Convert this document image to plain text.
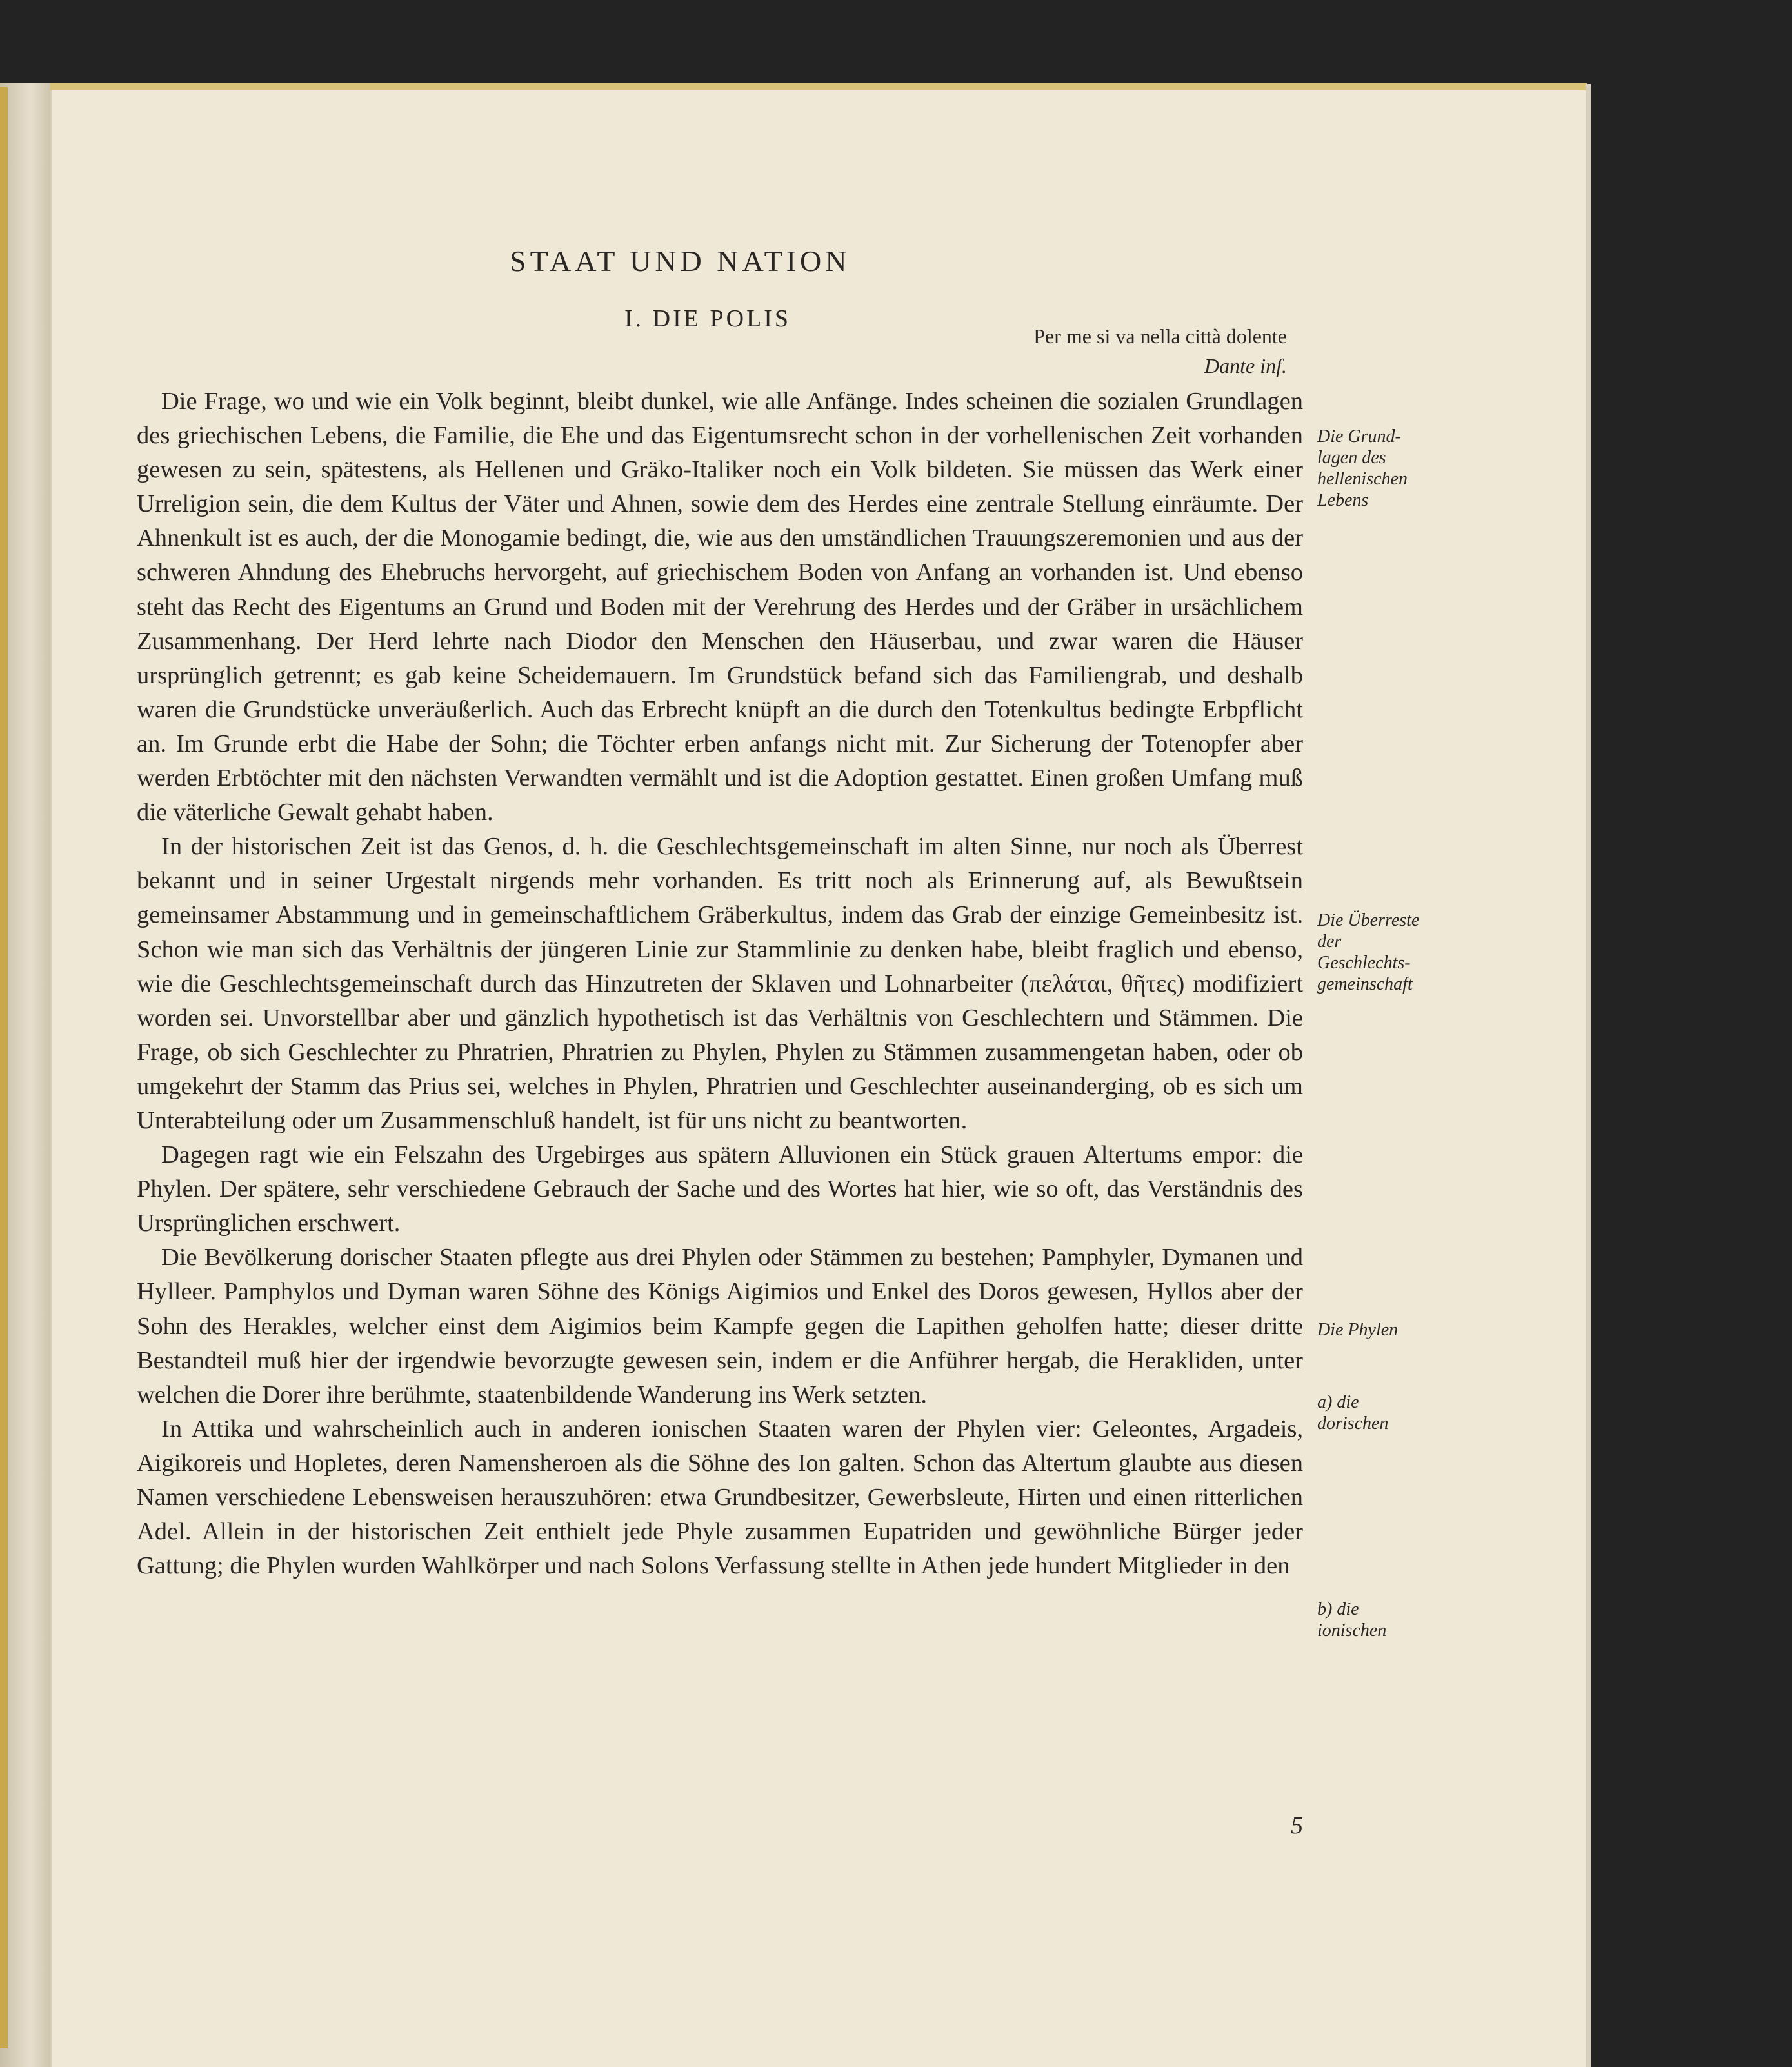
STAAT UND NATION
I. DIE POLIS
Per me si va nella città dolente
Dante inf.

Die Frage, wo und wie ein Volk beginnt, bleibt dunkel, wie alle Anfänge. Indes scheinen die sozialen Grundlagen des griechischen Lebens, die Familie, die Ehe und das Eigentumsrecht schon in der vorhellenischen Zeit vorhanden gewesen zu sein, spätestens, als Hellenen und Gräko-Italiker noch ein Volk bildeten. Sie müssen das Werk einer Urreligion sein, die dem Kultus der Väter und Ahnen, sowie dem des Herdes eine zentrale Stellung einräumte. Der Ahnenkult ist es auch, der die Monogamie bedingt, die, wie aus den umständlichen Trauungszeremonien und aus der schweren Ahndung des Ehebruchs hervorgeht, auf griechischem Boden von Anfang an vorhanden ist. Und ebenso steht das Recht des Eigentums an Grund und Boden mit der Verehrung des Herdes und der Gräber in ursächlichem Zusammenhang. Der Herd lehrte nach Diodor den Menschen den Häuserbau, und zwar waren die Häuser ursprünglich getrennt; es gab keine Scheidemauern. Im Grundstück befand sich das Familiengrab, und deshalb waren die Grundstücke unveräußerlich. Auch das Erbrecht knüpft an die durch den Totenkultus bedingte Erbpflicht an. Im Grunde erbt die Habe der Sohn; die Töchter erben anfangs nicht mit. Zur Sicherung der Totenopfer aber werden Erbtöchter mit den nächsten Verwandten vermählt und ist die Adoption gestattet. Einen großen Umfang muß die väterliche Gewalt gehabt haben.

In der historischen Zeit ist das Genos, d. h. die Geschlechtsgemeinschaft im alten Sinne, nur noch als Überrest bekannt und in seiner Urgestalt nirgends mehr vorhanden. Es tritt noch als Erinnerung auf, als Bewußtsein gemeinsamer Abstammung und in gemeinschaftlichem Gräberkultus, indem das Grab der einzige Gemeinbesitz ist. Schon wie man sich das Verhältnis der jüngeren Linie zur Stammlinie zu denken habe, bleibt fraglich und ebenso, wie die Geschlechtsgemeinschaft durch das Hinzutreten der Sklaven und Lohnarbeiter (πελάται, θῆτες) modifiziert worden sei. Unvorstellbar aber und gänzlich hypothetisch ist das Verhältnis von Geschlechtern und Stämmen. Die Frage, ob sich Geschlechter zu Phratrien, Phratrien zu Phylen, Phylen zu Stämmen zusammengetan haben, oder ob umgekehrt der Stamm das Prius sei, welches in Phylen, Phratrien und Geschlechter auseinanderging, ob es sich um Unterabteilung oder um Zusammenschluß handelt, ist für uns nicht zu beantworten.

Dagegen ragt wie ein Felszahn des Urgebirges aus spätern Alluvionen ein Stück grauen Altertums empor: die Phylen. Der spätere, sehr verschiedene Gebrauch der Sache und des Wortes hat hier, wie so oft, das Verständnis des Ursprünglichen erschwert.

Die Bevölkerung dorischer Staaten pflegte aus drei Phylen oder Stämmen zu bestehen; Pamphyler, Dymanen und Hylleer. Pamphylos und Dyman waren Söhne des Königs Aigimios und Enkel des Doros gewesen, Hyllos aber der Sohn des Herakles, welcher einst dem Aigimios beim Kampfe gegen die Lapithen geholfen hatte; dieser dritte Bestandteil muß hier der irgendwie bevorzugte gewesen sein, indem er die Anführer hergab, die Herakliden, unter welchen die Dorer ihre berühmte, staatenbildende Wanderung ins Werk setzten.

In Attika und wahrscheinlich auch in anderen ionischen Staaten waren der Phylen vier: Geleontes, Argadeis, Aigikoreis und Hopletes, deren Namensheroen als die Söhne des Ion galten. Schon das Altertum glaubte aus diesen Namen verschiedene Lebensweisen herauszuhören: etwa Grundbesitzer, Gewerbsleute, Hirten und einen ritterlichen Adel. Allein in der historischen Zeit enthielt jede Phyle zusammen Eupatriden und gewöhnliche Bürger jeder Gattung; die Phylen wurden Wahlkörper und nach Solons Verfassung stellte in Athen jede hundert Mitglieder in den

Die Grund-
lagen des
hellenischen
Lebens
Die Überreste
der
Geschlechts-
gemeinschaft
Die Phylen
a) die
dorischen
b) die
ionischen
5
